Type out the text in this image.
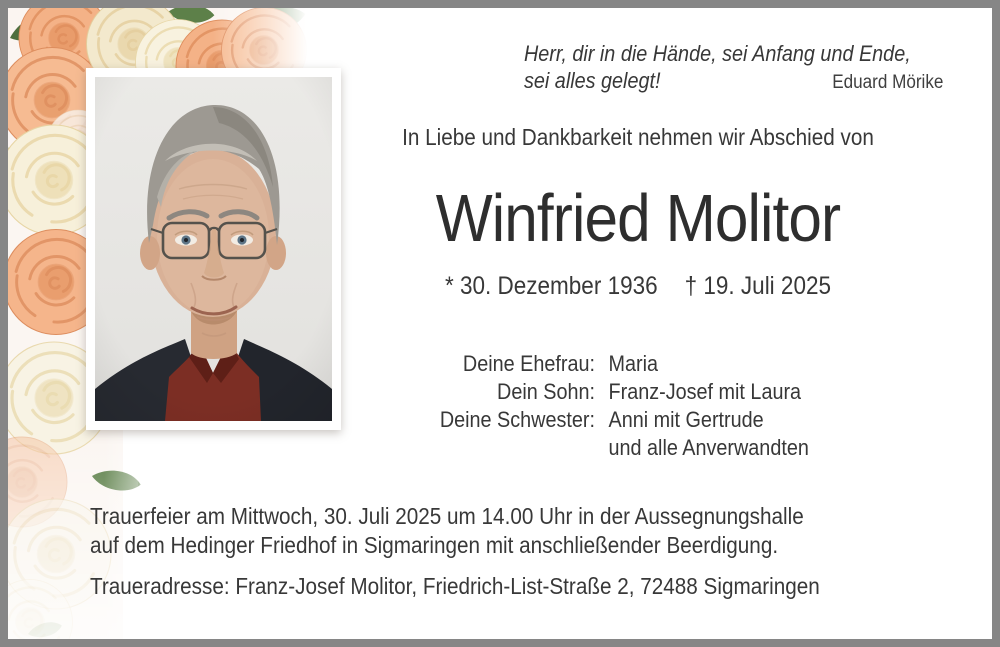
Herr, dir in die Hände, sei Anfang und Ende,
sei alles gelegt!	Eduard Mörike
In Liebe und Dankbarkeit nehmen wir Abschied von
Winfried Molitor
* 30. Dezember 1936 † 19. Juli 2025
Deine Ehefrau: Maria
Dein Sohn: Franz-Josef mit Laura
Deine Schwester: Anni mit Gertrude
und alle Anverwandten
Trauerfeier am Mittwoch, 30. Juli 2025 um 14.00 Uhr in der Aussegnungshalle
auf dem Hedinger Friedhof in Sigmaringen mit anschließender Beerdigung.
Traueradresse: Franz-Josef Molitor, Friedrich-List-Straße 2, 72488 Sigmaringen
